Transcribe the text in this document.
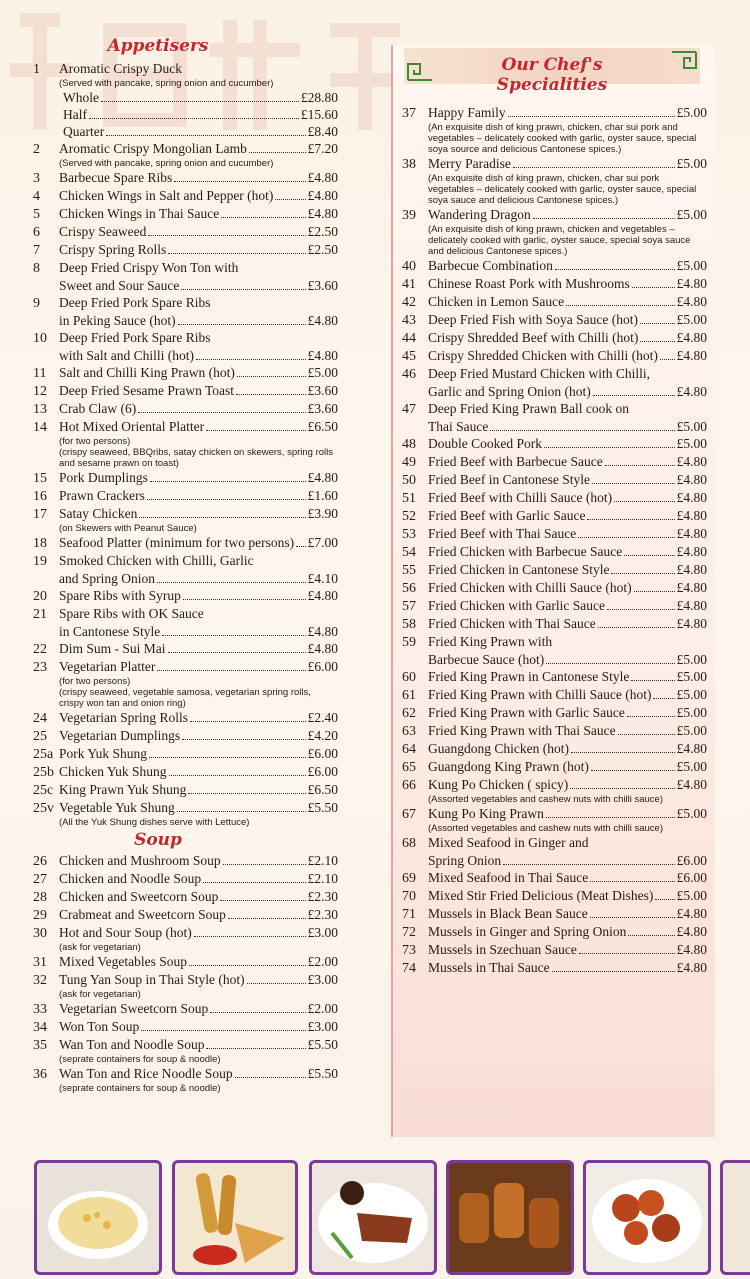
Our Chef's Specialities
Appetisers
1	Aromatic Crispy Duck
(Served with pancake, spring onion and cucumber)
Whole	£28.80
Half	£15.60
Quarter	£8.40
2	Aromatic Crispy Mongolian Lamb	£7.20
(Served with pancake, spring onion and cucumber)
3	Barbecue Spare Ribs	£4.80
4	Chicken Wings in Salt and Pepper (hot)	£4.80
5	Chicken Wings in Thai Sauce	£4.80
6	Crispy Seaweed	£2.50
7	Crispy Spring Rolls	£2.50
8	Deep Fried Crispy Won Ton with
Sweet and Sour Sauce	£3.60
9	Deep Fried Pork Spare Ribs
in Peking Sauce (hot)	£4.80
10 Deep Fried Pork Spare Ribs
with Salt and Chilli (hot)	£4.80
11 Salt and Chilli King Prawn (hot)	£5.00
12 Deep Fried Sesame Prawn Toast	£3.60
13 Crab Claw (6)	£3.60
14 Hot Mixed Oriental Platter	£6.50
(for two persons)
(crispy seaweed, BBQribs, satay chicken on skewers, spring rolls and sesame prawn on toast)
15 Pork Dumplings	£4.80
16 Prawn Crackers	£1.60
17 Satay Chicken	£3.90
(on Skewers with Peanut Sauce)
18 Seafood Platter (minimum for two persons) £7.00
19 Smoked Chicken with Chilli, Garlic
and Spring Onion	£4.10
20 Spare Ribs with Syrup	£4.80
21 Spare Ribs with OK Sauce
in Cantonese Style	£4.80
22 Dim Sum - Sui Mai	£4.80
23 Vegetarian Platter	£6.00
(for two persons)
(crispy seaweed, vegetable samosa, vegetarian spring rolls, crispy won tan and onion ring)
24 Vegetarian Spring Rolls	£2.40
25 Vegetarian Dumplings	£4.20
25a Pork Yuk Shung	£6.00
25b Chicken Yuk Shung	£6.00
25c King Prawn Yuk Shung	£6.50
25v Vegetable Yuk Shung	£5.50
(All the Yuk Shung dishes serve with Lettuce)
Soup
26 Chicken and Mushroom Soup	£2.10
27 Chicken and Noodle Soup	£2.10
28 Chicken and Sweetcorn Soup	£2.30
29 Crabmeat and Sweetcorn Soup	£2.30
30 Hot and Sour Soup (hot)	£3.00
(ask for vegetarian)
31 Mixed Vegetables Soup	£2.00
32 Tung Yan Soup in Thai Style (hot)	£3.00
(ask for vegetarian)
33 Vegetarian Sweetcorn Soup	£2.00
34 Won Ton Soup	£3.00
35 Wan Ton and Noodle Soup	£5.50
(seprate containers for soup & noodle)
36 Wan Ton and Rice Noodle Soup	£5.50
(seprate containers for soup & noodle)
37 Happy Family	£5.00
(An exquisite dish of king prawn, chicken, char sui pork and vegetables – delicately cooked with garlic, oyster sauce, special soya source and delicious Cantonese spices.)
38 Merry Paradise	£5.00
(An exquisite dish of king prawn, chicken, char sui pork vegetables – delicately cooked with garlic, oyster sauce, special soya sauce and delicious Cantonese spices.)
39 Wandering Dragon	£5.00
(An exquisite dish of king prawn, chicken and vegetables – delicately cooked with garlic, oyster sauce, special soya sauce and delicious Cantonese spices.)
40 Barbecue Combination	£5.00
41 Chinese Roast Pork with Mushrooms	£4.80
42 Chicken in Lemon Sauce	£4.80
43 Deep Fried Fish with Soya Sauce (hot)	£5.00
44 Crispy Shredded Beef with Chilli (hot)	£4.80
45 Crispy Shredded Chicken with Chilli (hot) £4.80
46 Deep Fried Mustard Chicken with Chilli,
Garlic and Spring Onion (hot)	£4.80
47 Deep Fried King Prawn Ball cook on
Thai Sauce	£5.00
48 Double Cooked Pork	£5.00
49 Fried Beef with Barbecue Sauce	£4.80
50 Fried Beef in Cantonese Style	£4.80
51 Fried Beef with Chilli Sauce (hot)	£4.80
52 Fried Beef with Garlic Sauce	£4.80
53 Fried Beef with Thai Sauce	£4.80
54 Fried Chicken with Barbecue Sauce	£4.80
55 Fried Chicken in Cantonese Style	£4.80
56 Fried Chicken with Chilli Sauce (hot)	£4.80
57 Fried Chicken with Garlic Sauce	£4.80
58 Fried Chicken with Thai Sauce	£4.80
59 Fried King Prawn with
Barbecue Sauce (hot)	£5.00
60 Fried King Prawn in Cantonese Style	£5.00
61 Fried King Prawn with Chilli Sauce (hot) £5.00
62 Fried King Prawn with Garlic Sauce	£5.00
63 Fried King Prawn with Thai Sauce	£5.00
64 Guangdong Chicken (hot)	£4.80
65 Guangdong King Prawn (hot)	£5.00
66 Kung Po Chicken ( spicy)	£4.80
(Assorted vegetables and cashew nuts with chilli sauce)
67 Kung Po King Prawn	£5.00
(Assorted vegetables and cashew nuts with chilli sauce)
68 Mixed Seafood in Ginger and
Spring Onion	£6.00
69 Mixed Seafood in Thai Sauce	£6.00
70 Mixed Stir Fried Delicious (Meat Dishes) £5.00
71 Mussels in Black Bean Sauce	£4.80
72 Mussels in Ginger and Spring Onion	£4.80
73 Mussels in Szechuan Sauce	£4.80
74 Mussels in Thai Sauce	£4.80
